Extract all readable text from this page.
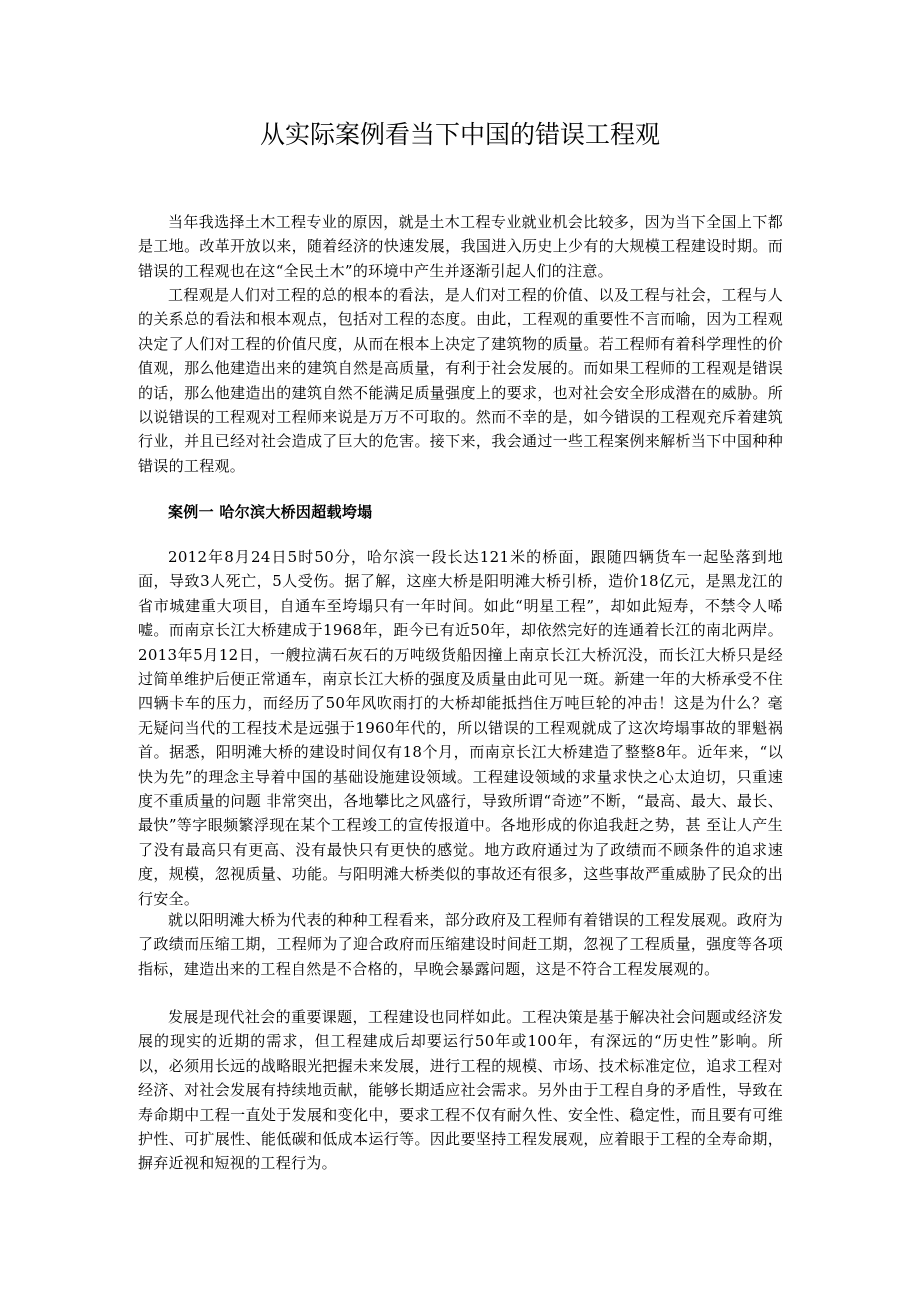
从实际案例看当下中国的错误工程观

当年我选择土木工程专业的原因，就是土木工程专业就业机会比较多，因为当下全国上下都是工地。改革开放以来，随着经济的快速发展，我国进入历史上少有的大规模工程建设时期。而错误的工程观也在这“全民土木”的环境中产生并逐渐引起人们的注意。

工程观是人们对工程的总的根本的看法，是人们对工程的价值、以及工程与社会，工程与人的关系总的看法和根本观点，包括对工程的态度。由此，工程观的重要性不言而喻，因为工程观决定了人们对工程的价值尺度，从而在根本上决定了建筑物的质量。若工程师有着科学理性的价值观，那么他建造出来的建筑自然是高质量，有利于社会发展的。而如果工程师的工程观是错误的话，那么他建造出的建筑自然不能满足质量强度上的要求，也对社会安全形成潜在的威胁。所以说错误的工程观对工程师来说是万万不可取的。然而不幸的是，如今错误的工程观充斥着建筑行业，并且已经对社会造成了巨大的危害。接下来，我会通过一些工程案例来解析当下中国种种错误的工程观。

案例一 哈尔滨大桥因超载垮塌

2012年8月24日5时50分，哈尔滨一段长达121米的桥面，跟随四辆货车一起坠落到地面，导致3人死亡，5人受伤。据了解，这座大桥是阳明滩大桥引桥，造价18亿元，是黑龙江的省市城建重大项目，自通车至垮塌只有一年时间。如此“明星工程”，却如此短寿，不禁令人唏嘘。而南京长江大桥建成于1968年，距今已有近50年，却依然完好的连通着长江的南北两岸。2013年5月12日，一艘拉满石灰石的万吨级货船因撞上南京长江大桥沉没，而长江大桥只是经过简单维护后便正常通车，南京长江大桥的强度及质量由此可见一斑。新建一年的大桥承受不住四辆卡车的压力，而经历了50年风吹雨打的大桥却能抵挡住万吨巨轮的冲击！这是为什么？毫无疑问当代的工程技术是远强于1960年代的，所以错误的工程观就成了这次垮塌事故的罪魁祸首。据悉，阳明滩大桥的建设时间仅有18个月，而南京长江大桥建造了整整8年。近年来，“以快为先”的理念主导着中国的基础设施建设领域。工程建设领域的求量求快之心太迫切，只重速度不重质量的问题 非常突出，各地攀比之风盛行，导致所谓“奇迹”不断，“最高、最大、最长、最快”等字眼频繁浮现在某个工程竣工的宣传报道中。各地形成的你追我赶之势，甚 至让人产生了没有最高只有更高、没有最快只有更快的感觉。地方政府通过为了政绩而不顾条件的追求速度，规模，忽视质量、功能。与阳明滩大桥类似的事故还有很多，这些事故严重威胁了民众的出行安全。

就以阳明滩大桥为代表的种种工程看来，部分政府及工程师有着错误的工程发展观。政府为了政绩而压缩工期，工程师为了迎合政府而压缩建设时间赶工期，忽视了工程质量，强度等各项指标，建造出来的工程自然是不合格的，早晚会暴露问题，这是不符合工程发展观的。

发展是现代社会的重要课题，工程建设也同样如此。工程决策是基于解决社会问题或经济发展的现实的近期的需求，但工程建成后却要运行50年或100年，有深远的“历史性”影响。所以，必须用长远的战略眼光把握未来发展，进行工程的规模、市场、技术标准定位，追求工程对经济、对社会发展有持续地贡献，能够长期适应社会需求。另外由于工程自身的矛盾性，导致在寿命期中工程一直处于发展和变化中，要求工程不仅有耐久性、安全性、稳定性，而且要有可维护性、可扩展性、能低碳和低成本运行等。因此要坚持工程发展观，应着眼于工程的全寿命期，摒弃近视和短视的工程行为。
